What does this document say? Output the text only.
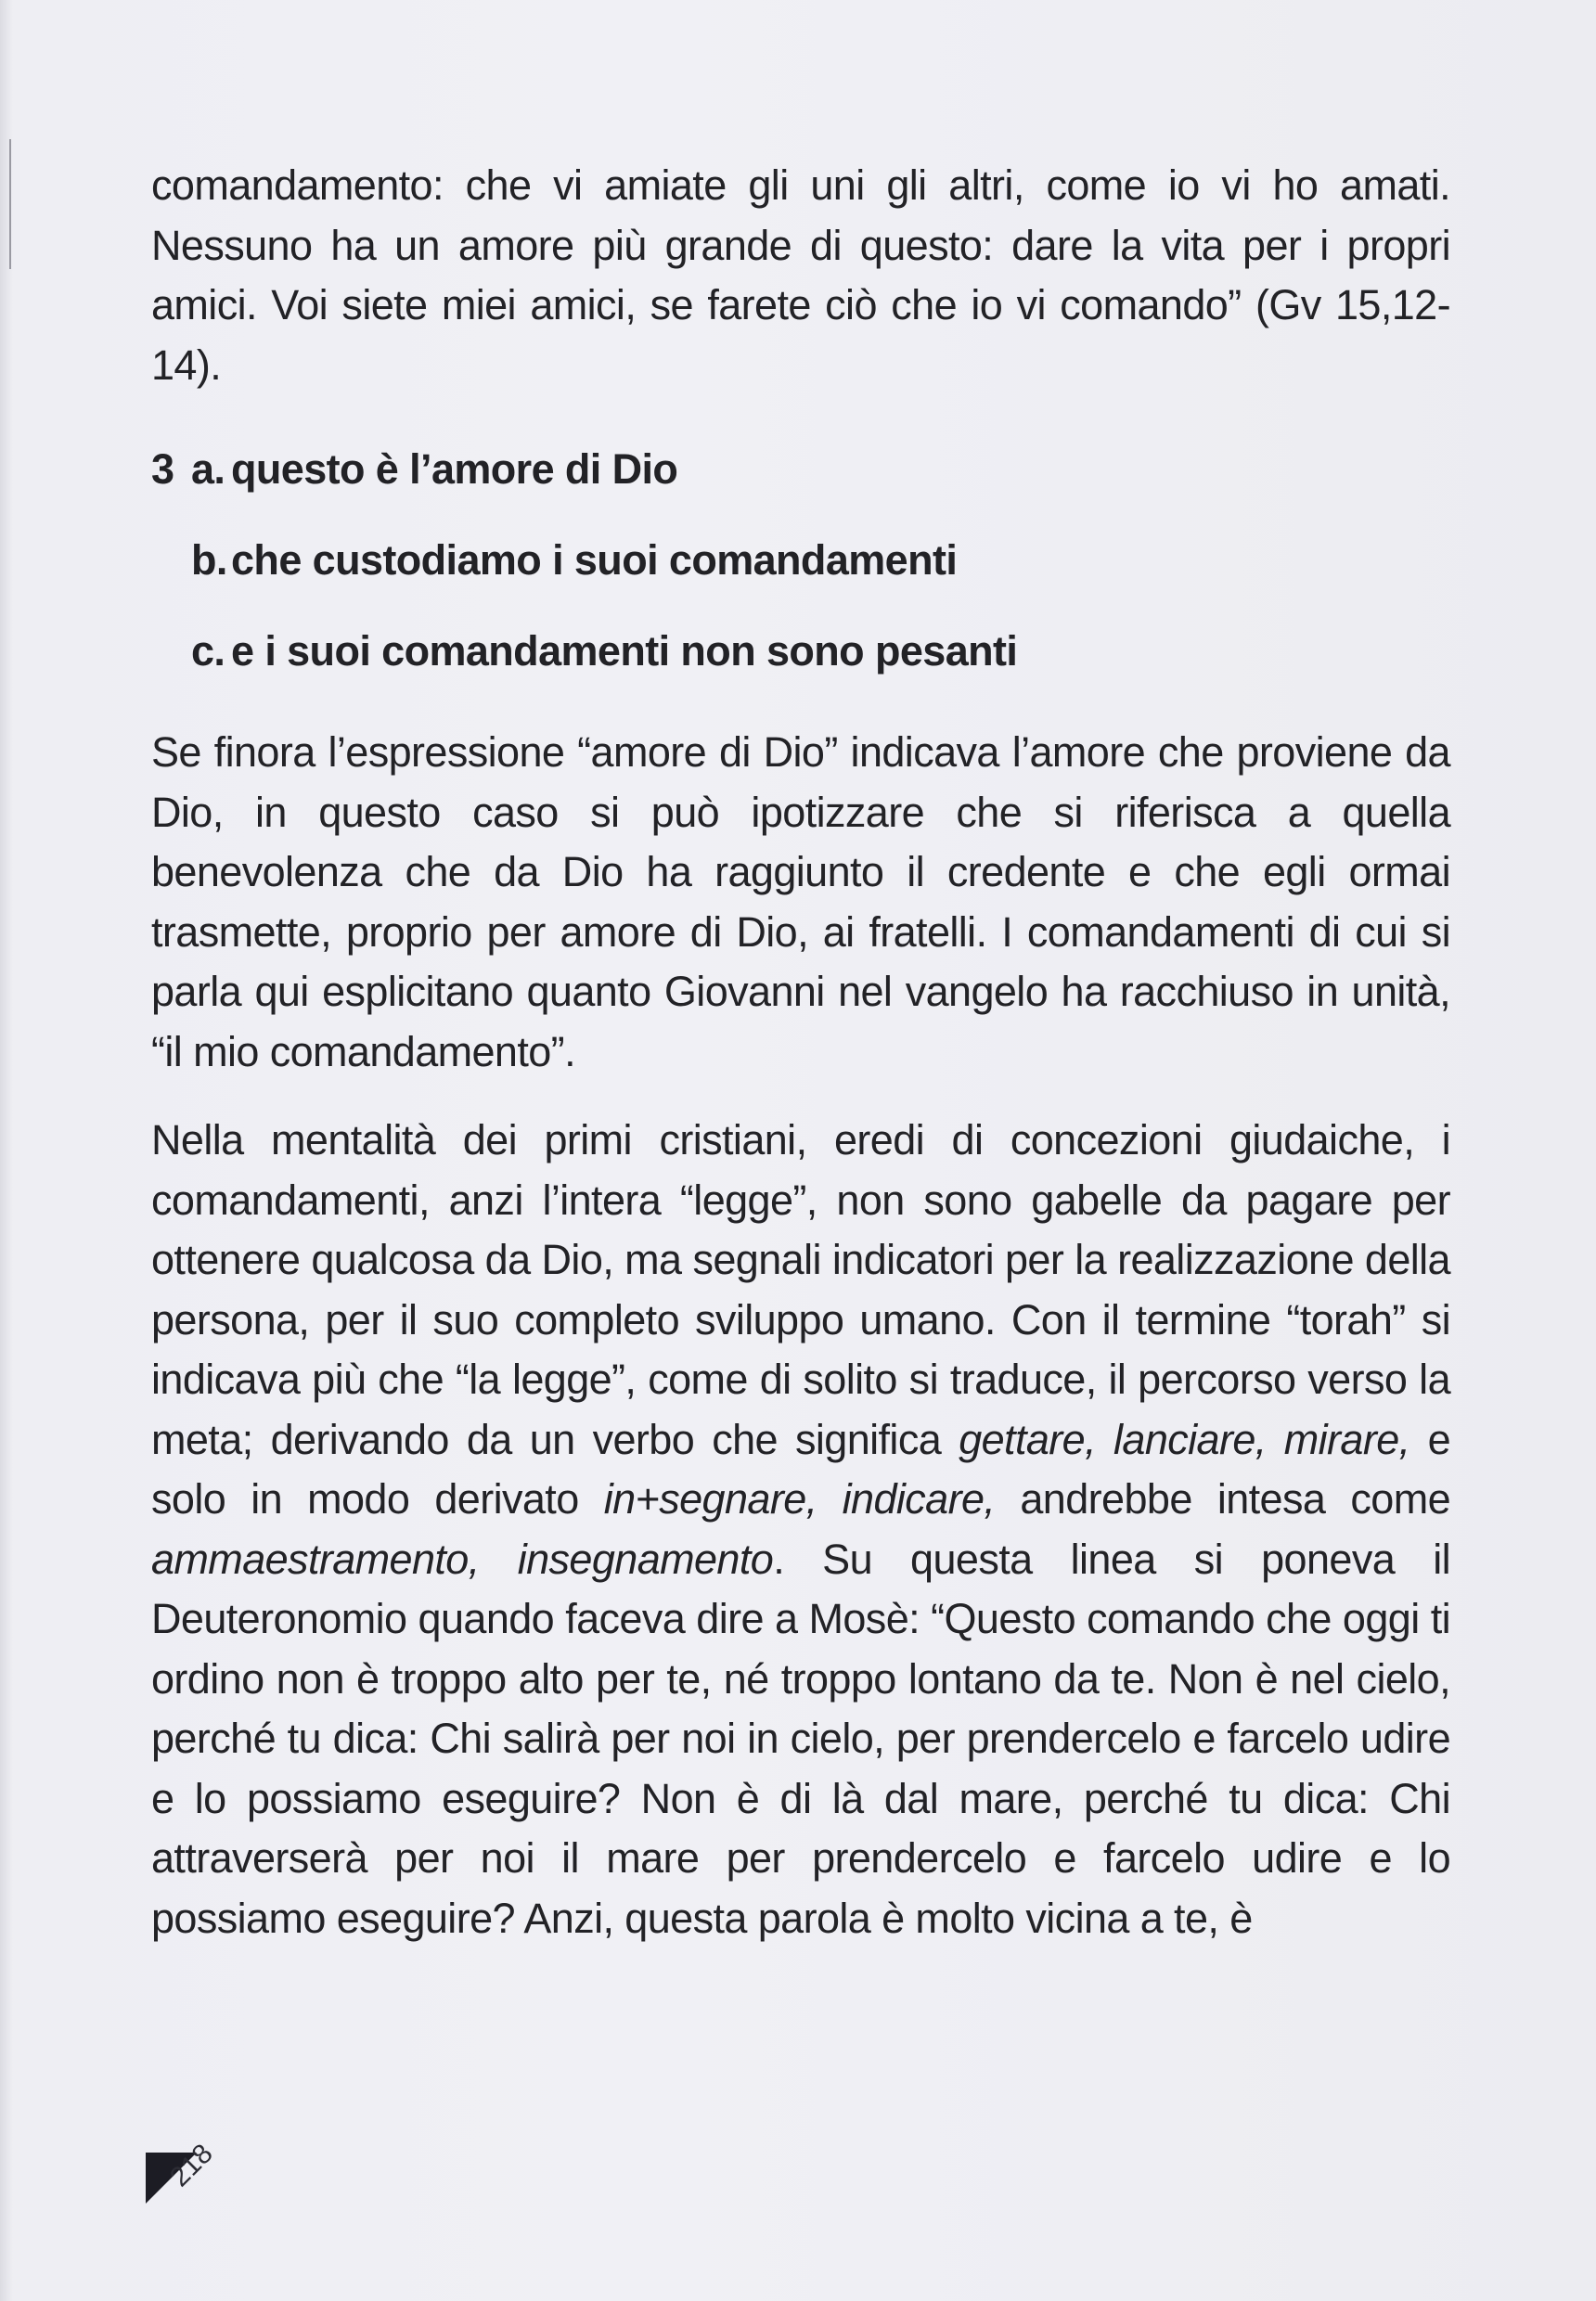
comandamento: che vi amiate gli uni gli altri, come io vi ho amati. Nessuno ha un amore più grande di questo: dare la vita per i propri amici. Voi siete miei amici, se farete ciò che io vi comando” (Gv 15,12-14).

3 a. questo è l’amore di Dio
b. che custodiamo i suoi comandamenti
c. e i suoi comandamenti non sono pesanti

Se finora l’espressione “amore di Dio” indicava l’amore che proviene da Dio, in questo caso si può ipotizzare che si riferisca a quella benevolenza che da Dio ha raggiunto il credente e che egli ormai trasmette, proprio per amore di Dio, ai fratelli. I comandamenti di cui si parla qui esplicitano quanto Giovanni nel vangelo ha racchiuso in unità, “il mio comandamento”.

Nella mentalità dei primi cristiani, eredi di concezioni giudaiche, i comandamenti, anzi l’intera “legge”, non sono gabelle da pagare per ottenere qualcosa da Dio, ma segnali indicatori per la realizzazione della persona, per il suo completo sviluppo umano. Con il termine “torah” si indicava più che “la legge”, come di solito si traduce, il percorso verso la meta; derivando da un verbo che significa gettare, lanciare, mirare, e solo in modo derivato in+segnare, indicare, andrebbe intesa come ammaestramento, insegnamento. Su questa linea si poneva il Deuteronomio quando faceva dire a Mosè: “Questo comando che oggi ti ordino non è troppo alto per te, né troppo lontano da te. Non è nel cielo, perché tu dica: Chi salirà per noi in cielo, per prendercelo e farcelo udire e lo possiamo eseguire? Non è di là dal mare, perché tu dica: Chi attraverserà per noi il mare per prendercelo e farcelo udire e lo possiamo eseguire? Anzi, questa parola è molto vicina a te, è

218
